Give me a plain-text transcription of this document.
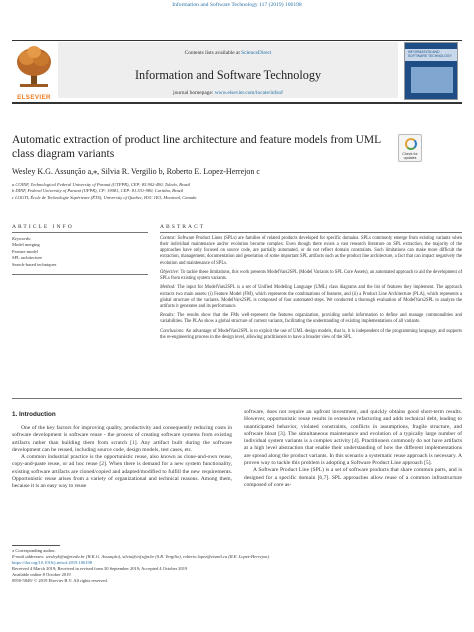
Information and Software Technology 117 (2019) 106198
Contents lists available at ScienceDirect
Information and Software Technology
journal homepage: www.elsevier.com/locate/infsof
ELSEVIER
INFORMATION AND SOFTWARE TECHNOLOGY
Automatic extraction of product line architecture and feature models from UML class diagram variants	Check for updates
Wesley K.G. Assunção a,⁎, Silvia R. Vergilio b, Roberto E. Lopez-Herrejon c
a COINF, Technological Federal University of Paraná (UTFPR), CEP: 85.902-490, Toledo, Brazil
b DINF, Federal University of Paraná (UFPR), CP: 19081, CEP: 81.531-980, Curitiba, Brazil
c LOGTI, École de Technologie Supérieure (ÉTS), University of Quebec, H3C 1K3, Montreal, Canada
ARTICLE INFO	ABSTRACT
Keywords:
Model merging
Feature model
SPL architecture
Search-based techniques

Context: Software Product Lines (SPLs) are families of related products developed for specific domains. SPLs commonly emerge from existing variants when their individual maintenance and/or evolution become complex. Even though there exists a vast research literature on SPL extraction, the majority of the approaches have only focused on source code, are partially automated, or do not reflect domain constraints. Such limitations can make more difficult the extraction, management, documentation and generation of some important SPL artifacts such as the product line architecture, a fact that can impact negatively the evolution and maintenance of SPLs.

Objective: To tackle these limitations, this work presents ModelVars2SPL (Model Variants to SPL Core Assets), an automated approach to aid the development of SPLs from existing system variants.

Method: The input for ModelVars2SPL is a set of Unified Modeling Language (UML) class diagrams and the list of features they implement. The approach extracts two main assets: (i) Feature Model (FM), which represents the combinations of features, and (ii) a Product Line Architecture (PLA), which represents a global structure of the variants. ModelVars2SPL is composed of four automated steps. We conducted a thorough evaluation of ModelVars2SPL to analyze the artifacts it generates and its performance.

Results: The results show that the FMs well-represent the features organization, providing useful information to define and manage commonalities and variabilities. The PLAs show a global structure of current variants, facilitating the understanding of existing implementations of all variants.

Conclusions: An advantage of ModelVars2SPL is to exploit the use of UML design models, that is, it is independent of the programming language, and supports the re-engineering process in the design level, allowing practitioners to have a broader view of the SPL.

1. Introduction

One of the key factors for improving quality, productivity and consequently reducing costs in software development is software reuse - the process of creating software systems from existing artifacts rather than building them from scratch [1]. Any artifact built during the software development can be reused, including source code, design models, test cases, etc.

A common industrial practice is the opportunistic reuse, also known as clone-and-own reuse, copy-and-paste reuse, or ad hoc reuse [2]. When there is demand for a new system functionality, existing software artifacts are cloned/copied and adapted/modified to fulfill the new requirements. Opportunistic reuse arises from a variety of organizational and technical reasons. Among them, because it is an easy way to reuse

software, does not require an upfront investment, and quickly obtains good short-term results. However, opportunistic reuse results in extensive refactoring and adds technical debt, leading to unanticipated behavior, violated constraints, conflicts in assumptions, fragile structure, and software bloat [3]. The simultaneous maintenance and evolution of a typically large number of individual system variants is a complex activity [4]. Practitioners commonly do not have artifacts at a high level abstraction that enable their understanding of how the different implementations are spread along the product variants. In this scenario a systematic reuse approach is necessary. A proven way to tackle this problem is adopting a Software Product Line approach [5].

A Software Product Line (SPL) is a set of software products that share common parts, and is designed for a specific domain [6,7]. SPL approaches allow reuse of a common infrastructure composed of core as-

⁎ Corresponding author.
E-mail addresses: wesleyk@utfpr.edu.br (W.K.G. Assunção), silvia@inf.ufpr.br (S.R. Vergilio), roberto.lopez@etsmtl.ca (R.E. Lopez-Herrejon).
https://doi.org/10.1016/j.infsof.2019.106198
Received 4 March 2019; Received in revised form 30 September 2019; Accepted 4 October 2019
Available online 8 October 2019
0950-5849/ © 2019 Elsevier B.V. All rights reserved.
